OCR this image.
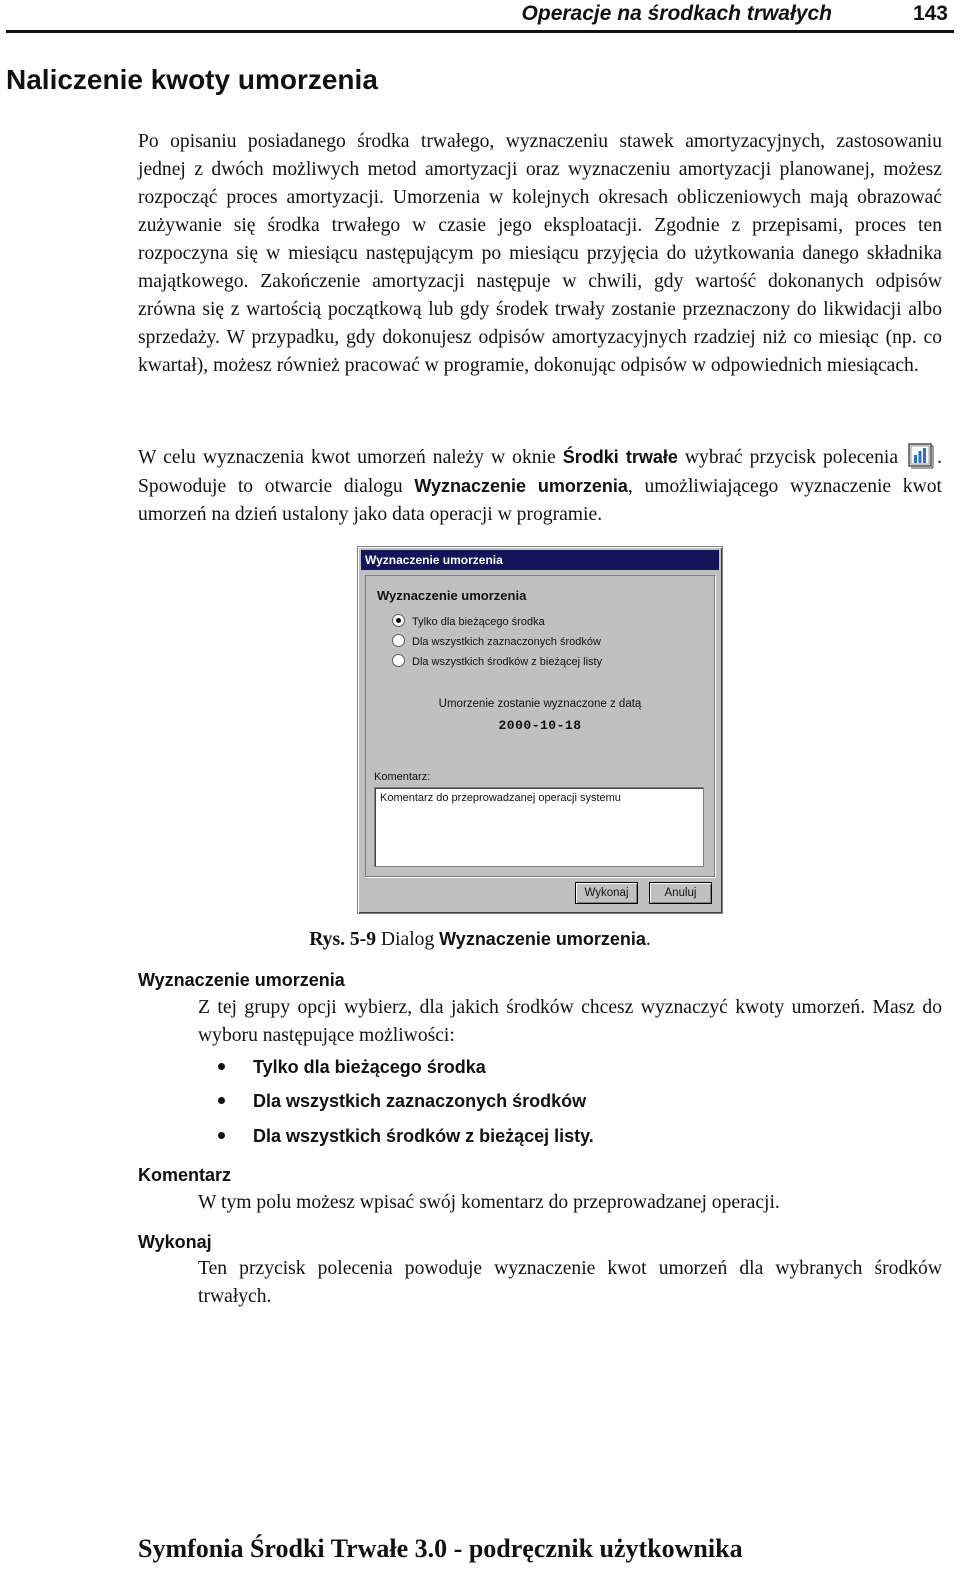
Operacje na środkach trwałych	143
Naliczenie kwoty umorzenia

Po opisaniu posiadanego środka trwałego, wyznaczeniu stawek amortyzacyjnych, zastosowaniu jednej z dwóch możliwych metod amortyzacji oraz wyznaczeniu amortyzacji planowanej, możesz rozpocząć proces amortyzacji. Umorzenia w kolejnych okresach obliczeniowych mają obrazować zużywanie się środka trwałego w czasie jego eksploatacji. Zgodnie z przepisami, proces ten rozpoczyna się w miesiącu następującym po miesiącu przyjęcia do użytkowania danego składnika majątkowego. Zakończenie amortyzacji następuje w chwili, gdy wartość dokonanych odpisów zrówna się z wartością początkową lub gdy środek trwały zostanie przeznaczony do likwidacji albo sprzedaży. W przypadku, gdy dokonujesz odpisów amortyzacyjnych rzadziej niż co miesiąc (np. co kwartał), możesz również pracować w programie, dokonując odpisów w odpowiednich miesiącach.

W celu wyznaczenia kwot umorzeń należy w oknie Środki trwałe wybrać przycisk polecenia . Spowoduje to otwarcie dialogu Wyznaczenie umorzenia, umożliwiającego wyznaczenie kwot umorzeń na dzień ustalony jako data operacji w programie.

Wyznaczenie umorzenia
Wyznaczenie umorzenia
Tylko dla bieżącego środka
Dla wszystkich zaznaczonych środków
Dla wszystkich środków z bieżącej listy
Umorzenie zostanie wyznaczone z datą
2000-10-18
Komentarz:
Komentarz do przeprowadzanej operacji systemu
Wykonaj	Anuluj
Rys. 5-9 Dialog Wyznaczenie umorzenia.
Wyznaczenie umorzenia

Z tej grupy opcji wybierz, dla jakich środków chcesz wyznaczyć kwoty umorzeń. Masz do wyboru następujące możliwości:

Tylko dla bieżącego środka
Dla wszystkich zaznaczonych środków
Dla wszystkich środków z bieżącej listy.
Komentarz

W tym polu możesz wpisać swój komentarz do przeprowadzanej operacji.

Wykonaj

Ten przycisk polecenia powoduje wyznaczenie kwot umorzeń dla wybranych środków trwałych.

Symfonia Środki Trwałe 3.0 - podręcznik użytkownika
